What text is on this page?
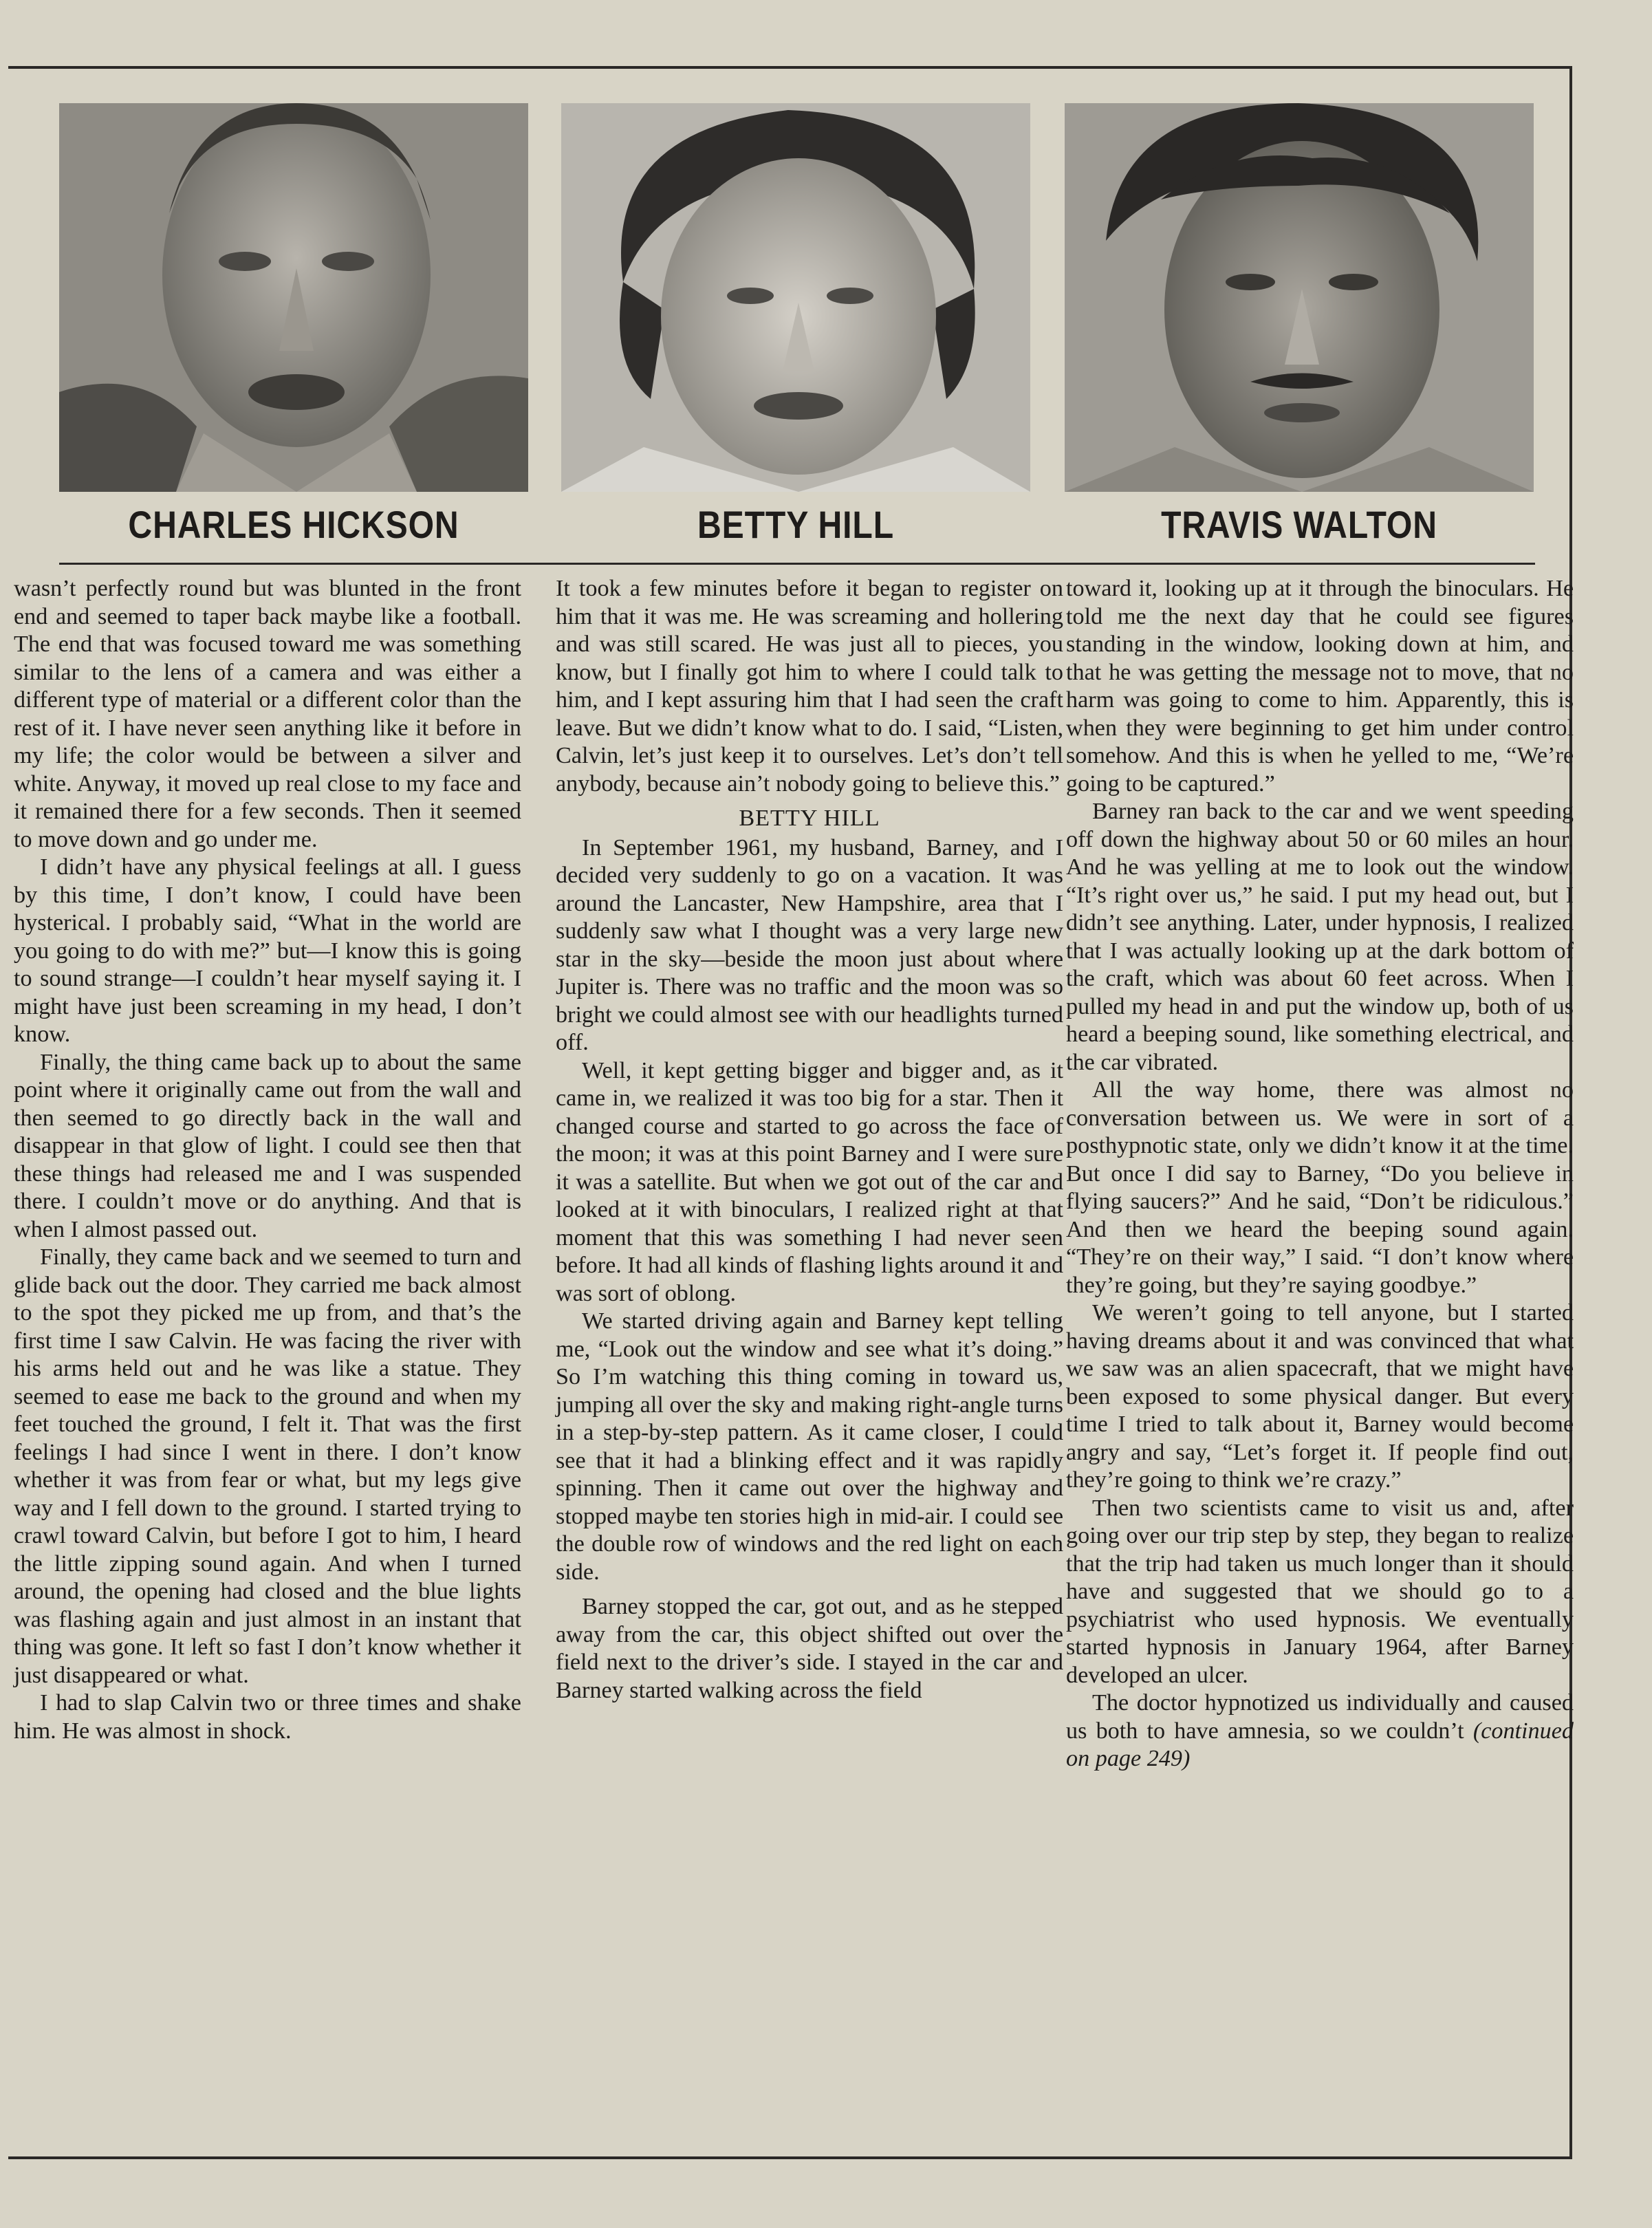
CHARLES HICKSON	BETTY HILL	TRAVIS WALTON

wasn’t perfectly round but was blunted in the front end and seemed to taper back maybe like a football. The end that was focused toward me was something similar to the lens of a camera and was either a different type of material or a different color than the rest of it. I have never seen anything like it before in my life; the color would be between a silver and white. Anyway, it moved up real close to my face and it remained there for a few seconds. Then it seemed to move down and go under me.

I didn’t have any physical feelings at all. I guess by this time, I don’t know, I could have been hysterical. I probably said, “What in the world are you going to do with me?” but—I know this is going to sound strange—I couldn’t hear myself saying it. I might have just been screaming in my head, I don’t know.

Finally, the thing came back up to about the same point where it originally came out from the wall and then seemed to go directly back in the wall and disappear in that glow of light. I could see then that these things had released me and I was suspended there. I couldn’t move or do anything. And that is when I almost passed out.

Finally, they came back and we seemed to turn and glide back out the door. They carried me back almost to the spot they picked me up from, and that’s the first time I saw Calvin. He was facing the river with his arms held out and he was like a statue. They seemed to ease me back to the ground and when my feet touched the ground, I felt it. That was the first feelings I had since I went in there. I don’t know whether it was from fear or what, but my legs give way and I fell down to the ground. I started trying to crawl toward Calvin, but before I got to him, I heard the little zipping sound again. And when I turned around, the opening had closed and the blue lights was flashing again and just almost in an instant that thing was gone. It left so fast I don’t know whether it just disappeared or what.

I had to slap Calvin two or three times and shake him. He was almost in shock.

It took a few minutes before it began to register on him that it was me. He was screaming and hollering and was still scared. He was just all to pieces, you know, but I finally got him to where I could talk to him, and I kept assuring him that I had seen the craft leave. But we didn’t know what to do. I said, “Listen, Calvin, let’s just keep it to ourselves. Let’s don’t tell anybody, because ain’t nobody going to believe this.”

BETTY HILL

In September 1961, my husband, Barney, and I decided very suddenly to go on a vacation. It was around the Lancaster, New Hampshire, area that I suddenly saw what I thought was a very large new star in the sky—beside the moon just about where Jupiter is. There was no traffic and the moon was so bright we could almost see with our headlights turned off.

Well, it kept getting bigger and bigger and, as it came in, we realized it was too big for a star. Then it changed course and started to go across the face of the moon; it was at this point Barney and I were sure it was a satellite. But when we got out of the car and looked at it with binoculars, I realized right at that moment that this was something I had never seen before. It had all kinds of flashing lights around it and was sort of oblong.

We started driving again and Barney kept telling me, “Look out the window and see what it’s doing.” So I’m watching this thing coming in toward us, jumping all over the sky and making right-angle turns in a step-by-step pattern. As it came closer, I could see that it had a blinking effect and it was rapidly spinning. Then it came out over the highway and stopped maybe ten stories high in mid-air. I could see the double row of windows and the red light on each side.

Barney stopped the car, got out, and as he stepped away from the car, this object shifted out over the field next to the driver’s side. I stayed in the car and Barney started walking across the field

toward it, looking up at it through the binoculars. He told me the next day that he could see figures standing in the window, looking down at him, and that he was getting the message not to move, that no harm was going to come to him. Apparently, this is when they were beginning to get him under control somehow. And this is when he yelled to me, “We’re going to be captured.”

Barney ran back to the car and we went speeding off down the highway about 50 or 60 miles an hour. And he was yelling at me to look out the window. “It’s right over us,” he said. I put my head out, but I didn’t see anything. Later, under hypnosis, I realized that I was actually looking up at the dark bottom of the craft, which was about 60 feet across. When I pulled my head in and put the window up, both of us heard a beeping sound, like something electrical, and the car vibrated.

All the way home, there was almost no conversation between us. We were in sort of a posthypnotic state, only we didn’t know it at the time. But once I did say to Barney, “Do you believe in flying saucers?” And he said, “Don’t be ridiculous.” And then we heard the beeping sound again. “They’re on their way,” I said. “I don’t know where they’re going, but they’re saying goodbye.”

We weren’t going to tell anyone, but I started having dreams about it and was convinced that what we saw was an alien spacecraft, that we might have been exposed to some physical danger. But every time I tried to talk about it, Barney would become angry and say, “Let’s forget it. If people find out, they’re going to think we’re crazy.”

Then two scientists came to visit us and, after going over our trip step by step, they began to realize that the trip had taken us much longer than it should have and suggested that we should go to a psychiatrist who used hypnosis. We eventually started hypnosis in January 1964, after Barney developed an ulcer.

The doctor hypnotized us individually and caused us both to have amnesia, so we couldn’t (continued on page 249)
